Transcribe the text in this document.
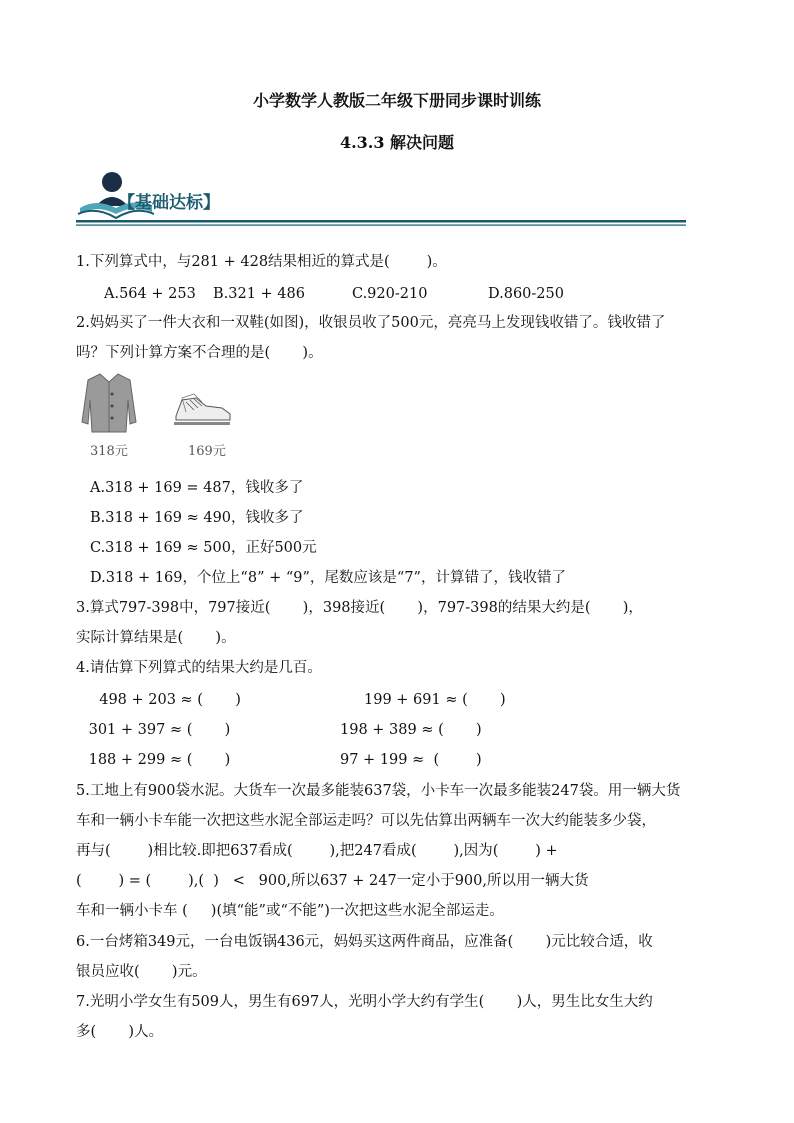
小学数学人教版二年级下册同步课时训练
4.3.3 解决问题
【基础达标】
1.下列算式中，与281 + 428结果相近的算式是(        )。
A.564 + 253 B.321 + 486	C.920-210	D.860-250
2.妈妈买了一件大衣和一双鞋(如图)，收银员收了500元，亮亮马上发现钱收错了。钱收错了
吗？下列计算方案不合理的是(       )。
318元	169元
A.318 + 169 = 487，钱收多了
B.318 + 169 ≈ 490，钱收多了
C.318 + 169 ≈ 500，正好500元
D.318 + 169，个位上“8” + “9”，尾数应该是“7”，计算错了，钱收错了
3.算式797-398中，797接近(       )，398接近(       )，797-398的结果大约是(       )，
实际计算结果是(       )。
4.请估算下列算式的结果大约是几百。
498 + 203 ≈ (       )	199 + 691 ≈ (       )
301 + 397 ≈ (       )	198 + 389 ≈ (       )
188 + 299 ≈ (       )	97 + 199 ≈  (        )
5.工地上有900袋水泥。大货车一次最多能装637袋，小卡车一次最多能装247袋。用一辆大货
车和一辆小卡车能一次把这些水泥全部运走吗？可以先估算出两辆车一次大约能装多少袋，
再与(        )相比较.即把637看成(        ),把247看成(        ),因为(        ) +
(        ) = (        ),(  )   <   900,所以637 + 247一定小于900,所以用一辆大货
车和一辆小卡车 (     )(填“能”或“不能”)一次把这些水泥全部运走。
6.一台烤箱349元，一台电饭锅436元，妈妈买这两件商品，应准备(       )元比较合适，收
银员应收(       )元。
7.光明小学女生有509人，男生有697人，光明小学大约有学生(       )人，男生比女生大约
多(       )人。
